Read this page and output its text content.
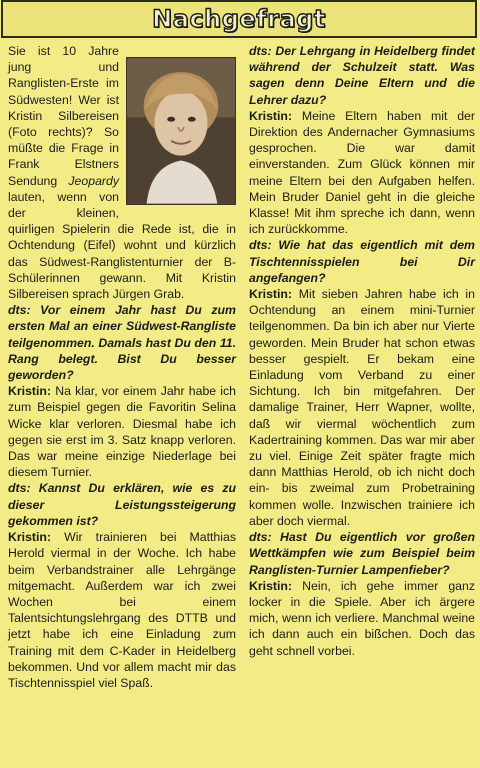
Nachgefragt

Sie ist 10 Jahre jung und Ranglisten-Erste im Südwesten! Wer ist Kristin Silbereisen (Foto rechts)? So müßte die Frage in Frank Elstners Sendung Jeopardy lauten, wenn von der kleinen, quirligen Spielerin die Rede ist, die in Ochtendung (Eifel) wohnt und kürzlich das Südwest-Ranglistenturnier der B-Schülerinnen gewann. Mit Kristin Silbereisen sprach Jürgen Grab.

dts: Vor einem Jahr hast Du zum ersten Mal an einer Südwest-Rangliste teilgenommen. Damals hast Du den 11. Rang belegt. Bist Du besser geworden?

Kristin: Na klar, vor einem Jahr habe ich zum Beispiel gegen die Favoritin Selina Wicke klar verloren. Diesmal habe ich gegen sie erst im 3. Satz knapp verloren. Das war meine einzige Niederlage bei diesem Turnier.

dts: Kannst Du erklären, wie es zu dieser Leistungssteigerung gekommen ist?

Kristin: Wir trainieren bei Matthias Herold viermal in der Woche. Ich habe beim Verbandstrainer alle Lehrgänge mitgemacht. Außerdem war ich zwei Wochen bei einem Talentsichtungslehrgang des DTTB und jetzt habe ich eine Einladung zum Training mit dem C-Kader in Heidelberg bekommen. Und vor allem macht mir das Tischtennisspiel viel Spaß.

dts: Der Lehrgang in Heidelberg findet während der Schulzeit statt. Was sagen denn Deine Eltern und die Lehrer dazu?

Kristin: Meine Eltern haben mit der Direktion des Andernacher Gymnasiums gesprochen. Die war damit einverstanden. Zum Glück können mir meine Eltern bei den Aufgaben helfen. Mein Bruder Daniel geht in die gleiche Klasse! Mit ihm spreche ich dann, wenn ich zurückkomme.

dts: Wie hat das eigentlich mit dem Tischtennisspielen bei Dir angefangen?

Kristin: Mit sieben Jahren habe ich in Ochtendung an einem mini-Turnier teilgenommen. Da bin ich aber nur Vierte geworden. Mein Bruder hat schon etwas besser gespielt. Er bekam eine Einladung vom Verband zu einer Sichtung. Ich bin mitgefahren. Der damalige Trainer, Herr Wapner, wollte, daß wir viermal wöchentlich zum Kadertraining kommen. Das war mir aber zu viel. Einige Zeit später fragte mich dann Matthias Herold, ob ich nicht doch ein- bis zweimal zum Probetraining kommen wolle. Inzwischen trainiere ich aber doch viermal.

dts: Hast Du eigentlich vor großen Wettkämpfen wie zum Beispiel beim Ranglisten-Turnier Lampenfieber?

Kristin: Nein, ich gehe immer ganz locker in die Spiele. Aber ich ärgere mich, wenn ich verliere. Manchmal weine ich dann auch ein bißchen. Doch das geht schnell vorbei.
